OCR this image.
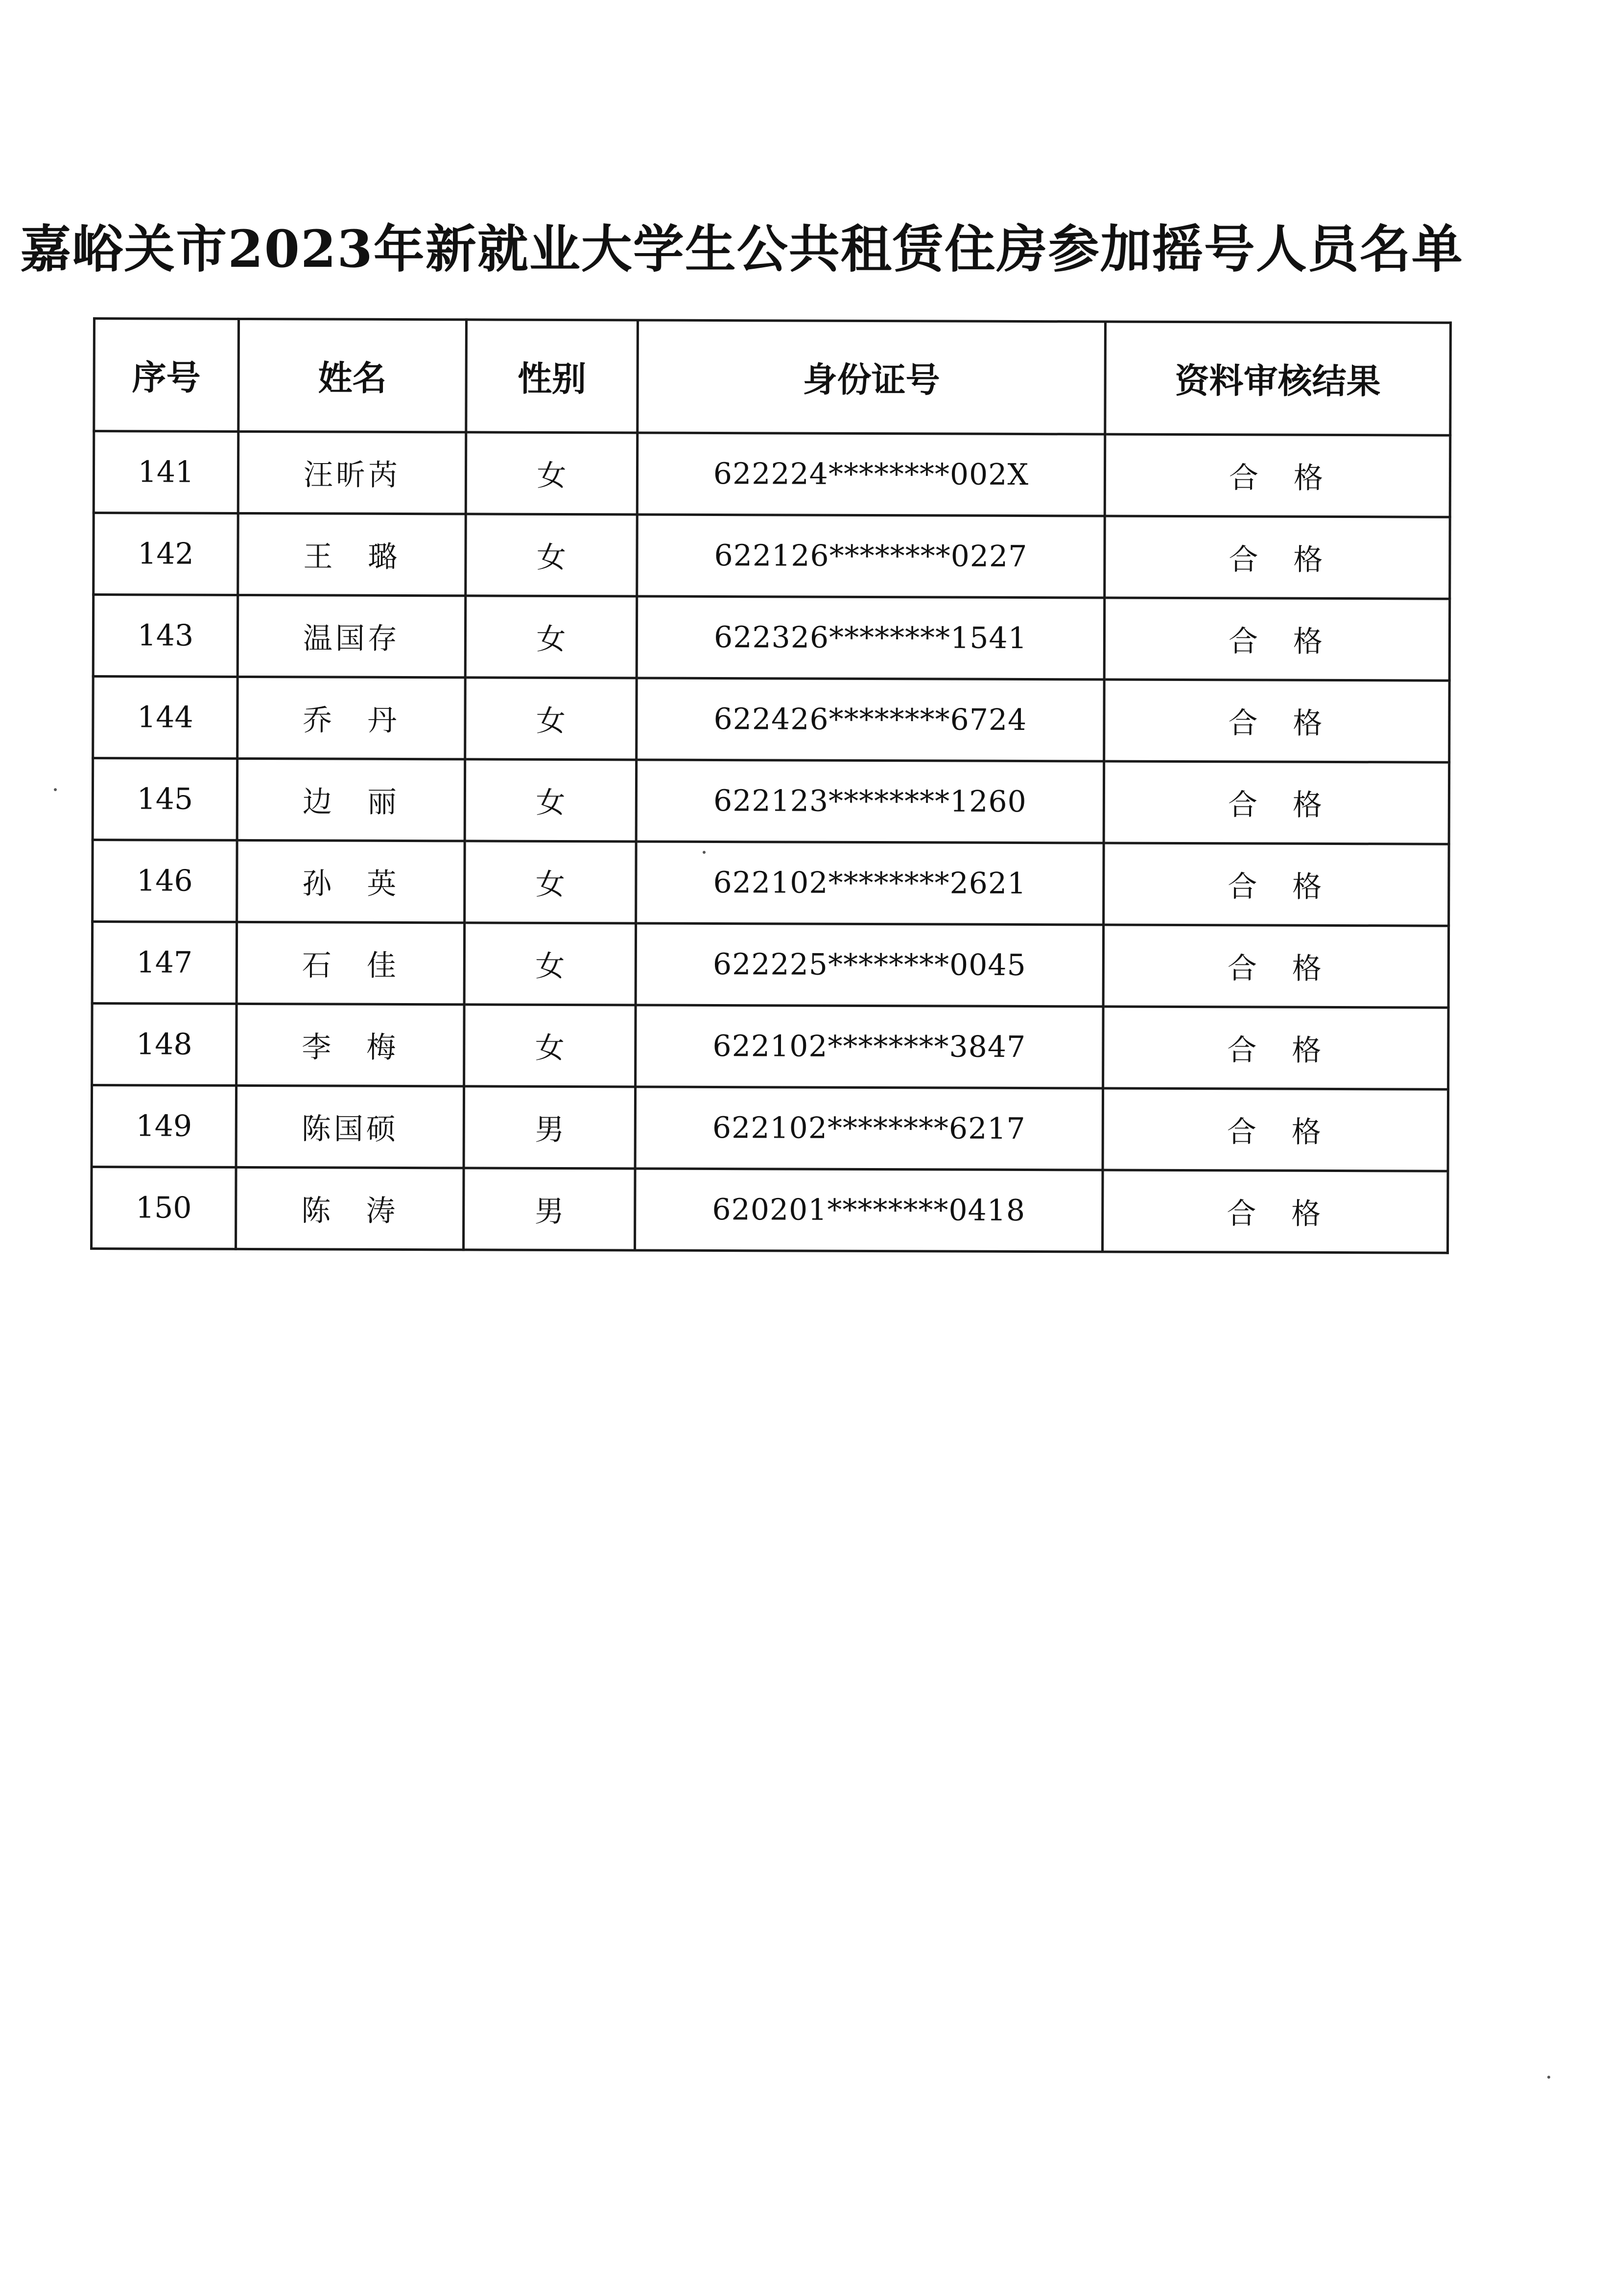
嘉峪关市2023年新就业大学生公共租赁住房参加摇号人员名单
序号	姓名	性别	身份证号	资料审核结果
141	汪昕芮	女	622224********002X	合　格
142	王　璐	女	622126********0227	合　格
143	温国存	女	622326********1541	合　格
144	乔　丹	女	622426********6724	合　格
145	边　丽	女	622123********1260	合　格
146	孙　英	女	622102********2621	合　格
147	石　佳	女	622225********0045	合　格
148	李　梅	女	622102********3847	合　格
149	陈国硕	男	622102********6217	合　格
150	陈　涛	男	620201********0418	合　格
